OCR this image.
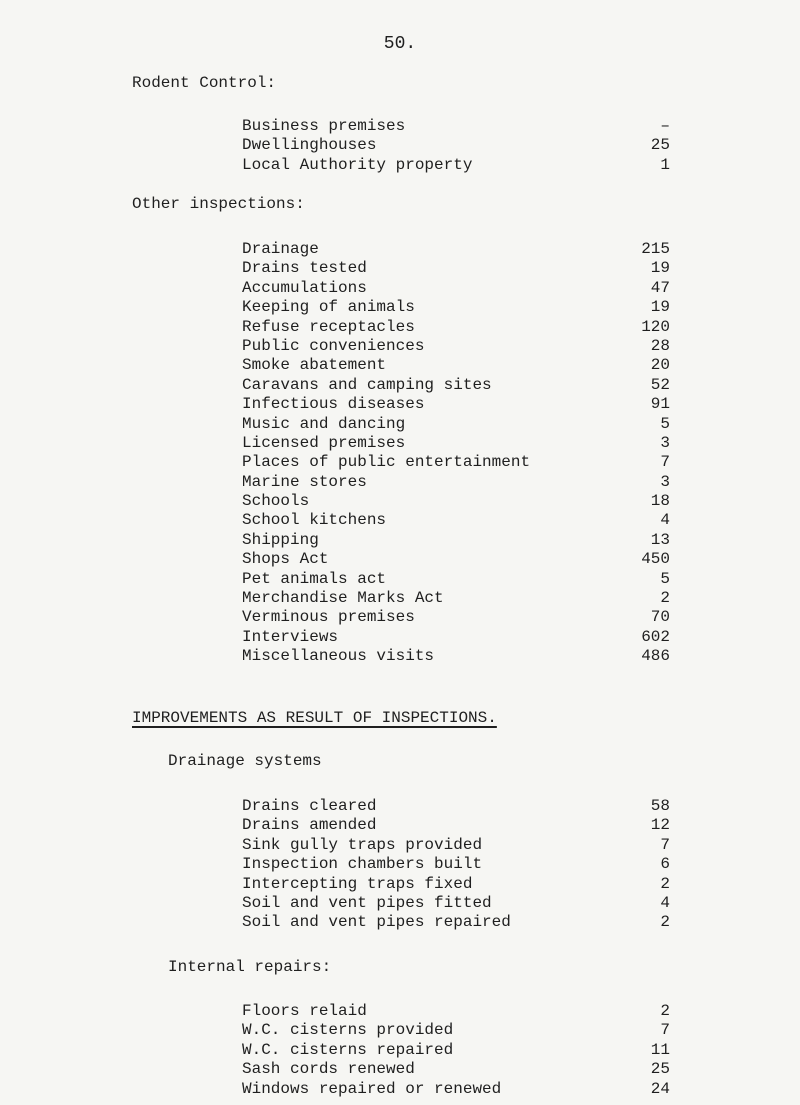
50.
Rodent Control:
Business premises	–
Dwellinghouses	25
Local Authority property	1
Other inspections:
Drainage	215
Drains tested	19
Accumulations	47
Keeping of animals	19
Refuse receptacles	120
Public conveniences	28
Smoke abatement	20
Caravans and camping sites	52
Infectious diseases	91
Music and dancing	5
Licensed premises	3
Places of public entertainment	7
Marine stores	3
Schools	18
School kitchens	4
Shipping	13
Shops Act	450
Pet animals act	5
Merchandise Marks Act	2
Verminous premises	70
Interviews	602
Miscellaneous visits	486
IMPROVEMENTS AS RESULT OF INSPECTIONS.
Drainage systems
Drains cleared	58
Drains amended	12
Sink gully traps provided	7
Inspection chambers built	6
Intercepting traps fixed	2
Soil and vent pipes fitted	4
Soil and vent pipes repaired	2
Internal repairs:
Floors relaid	2
W.C. cisterns provided	7
W.C. cisterns repaired	11
Sash cords renewed	25
Windows repaired or renewed	24
